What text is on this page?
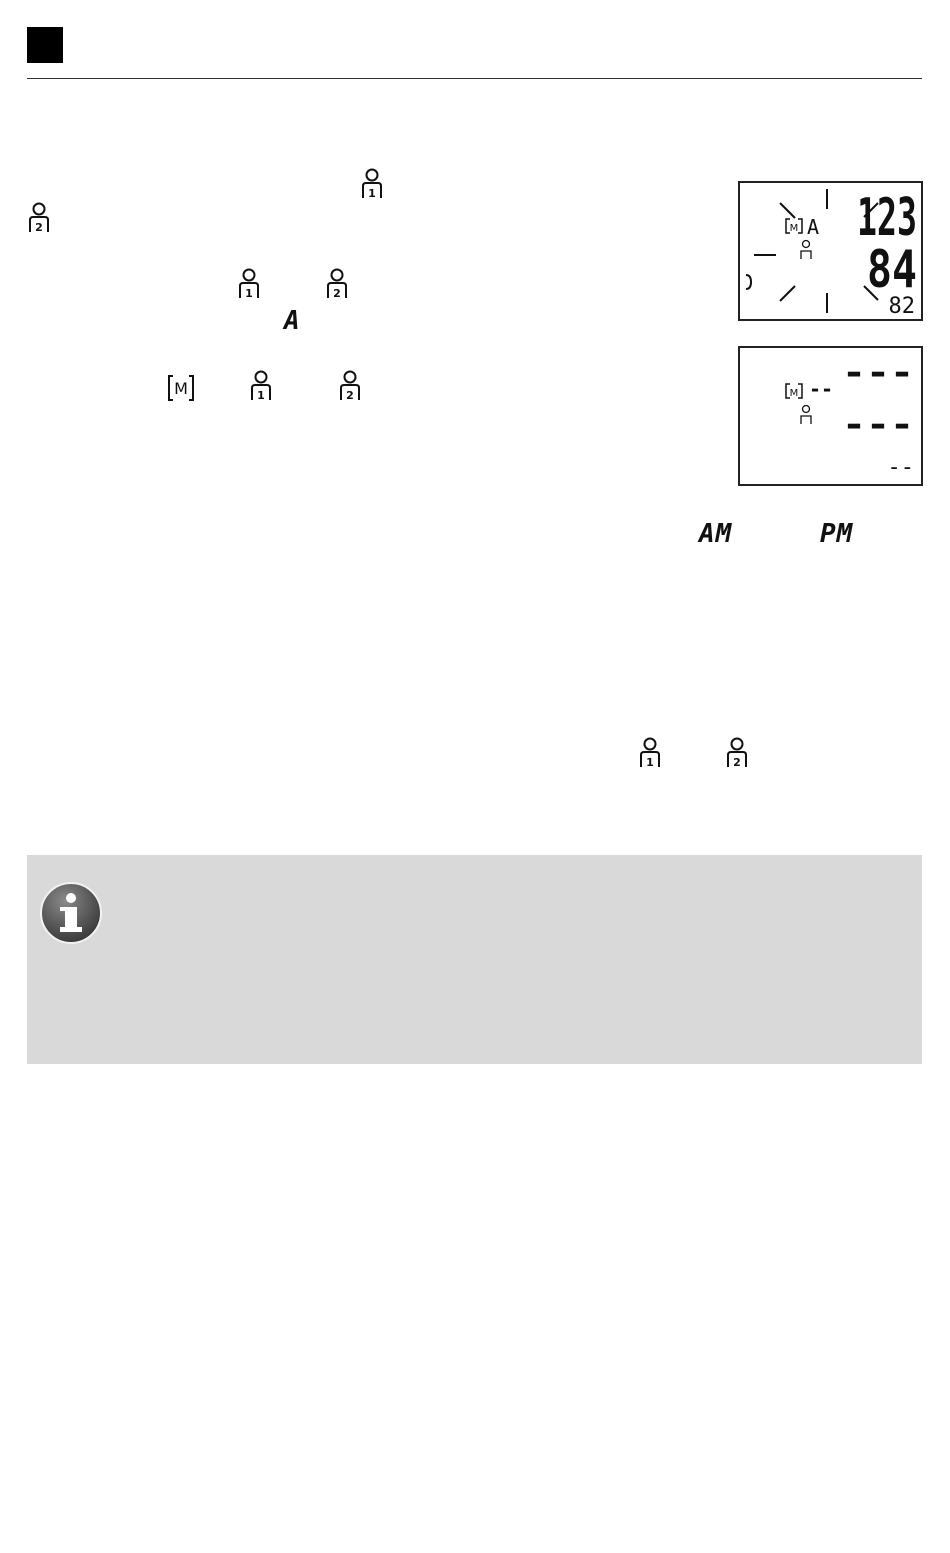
1
2
1	2
A
M	1	2
M A 123
84
82
M -- ---
---
--
AM	PM
1	2
